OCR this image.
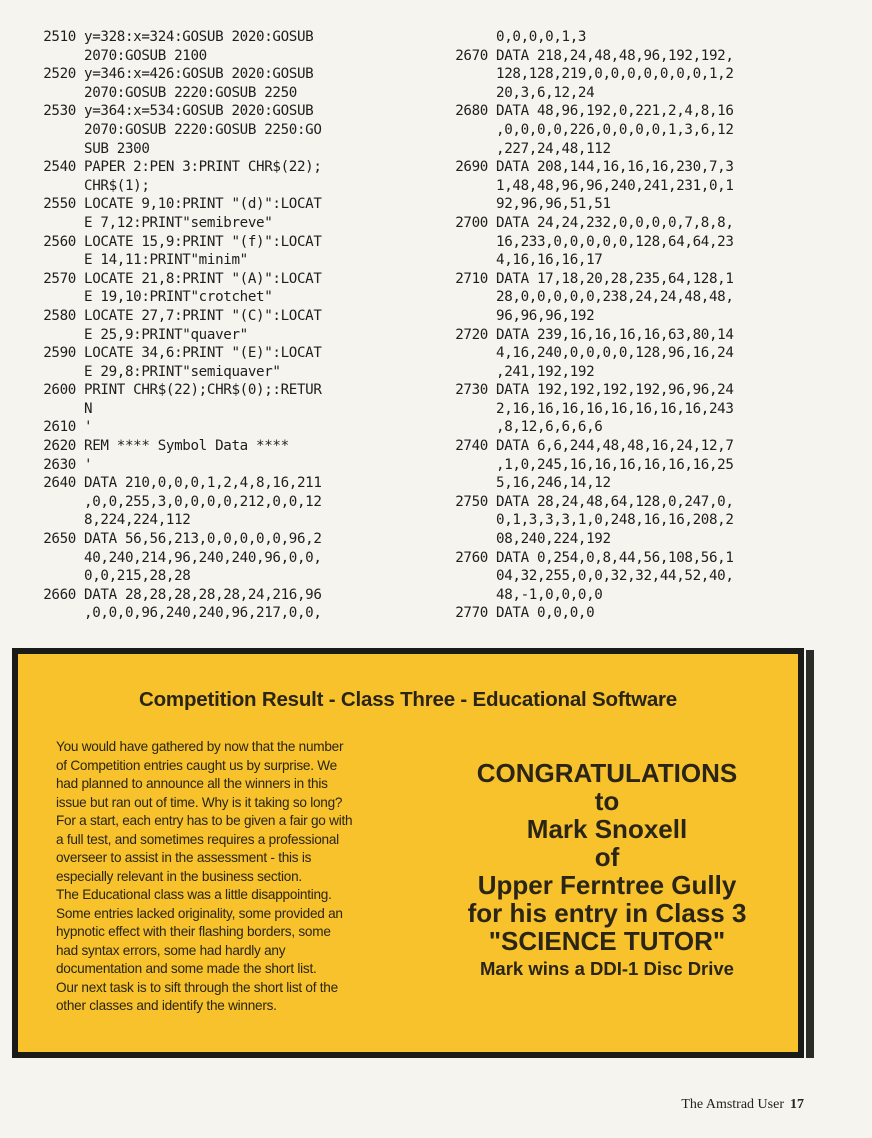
2510 y=328:x=324:GOSUB 2020:GOSUB
2070:GOSUB 2100
2520 y=346:x=426:GOSUB 2020:GOSUB
2070:GOSUB 2220:GOSUB 2250
2530 y=364:x=534:GOSUB 2020:GOSUB
2070:GOSUB 2220:GOSUB 2250:GO
SUB 2300
2540 PAPER 2:PEN 3:PRINT CHR$(22);
CHR$(1);
2550 LOCATE 9,10:PRINT "(d)":LOCAT
E 7,12:PRINT"semibreve"
2560 LOCATE 15,9:PRINT "(f)":LOCAT
E 14,11:PRINT"minim"
2570 LOCATE 21,8:PRINT "(A)":LOCAT
E 19,10:PRINT"crotchet"
2580 LOCATE 27,7:PRINT "(C)":LOCAT
E 25,9:PRINT"quaver"
2590 LOCATE 34,6:PRINT "(E)":LOCAT
E 29,8:PRINT"semiquaver"
2600 PRINT CHR$(22);CHR$(0);:RETUR
N
2610 '
2620 REM **** Symbol Data ****
2630 '
2640 DATA 210,0,0,0,1,2,4,8,16,211
,0,0,255,3,0,0,0,0,212,0,0,12
8,224,224,112
2650 DATA 56,56,213,0,0,0,0,0,96,2
40,240,214,96,240,240,96,0,0,
0,0,215,28,28
2660 DATA 28,28,28,28,28,24,216,96
,0,0,0,96,240,240,96,217,0,0,
0,0,0,0,1,3
2670 DATA 218,24,48,48,96,192,192,
128,128,219,0,0,0,0,0,0,0,1,2
20,3,6,12,24
2680 DATA 48,96,192,0,221,2,4,8,16
,0,0,0,0,226,0,0,0,0,1,3,6,12
,227,24,48,112
2690 DATA 208,144,16,16,16,230,7,3
1,48,48,96,96,240,241,231,0,1
92,96,96,51,51
2700 DATA 24,24,232,0,0,0,0,7,8,8,
16,233,0,0,0,0,0,128,64,64,23
4,16,16,16,17
2710 DATA 17,18,20,28,235,64,128,1
28,0,0,0,0,0,238,24,24,48,48,
96,96,96,192
2720 DATA 239,16,16,16,16,63,80,14
4,16,240,0,0,0,0,128,96,16,24
,241,192,192
2730 DATA 192,192,192,192,96,96,24
2,16,16,16,16,16,16,16,16,243
,8,12,6,6,6,6
2740 DATA 6,6,244,48,48,16,24,12,7
,1,0,245,16,16,16,16,16,16,25
5,16,246,14,12
2750 DATA 28,24,48,64,128,0,247,0,
0,1,3,3,3,1,0,248,16,16,208,2
08,240,224,192
2760 DATA 0,254,0,8,44,56,108,56,1
04,32,255,0,0,32,32,44,52,40,
48,-1,0,0,0,0
2770 DATA 0,0,0,0
Competition Result - Class Three - Educational Software
You would have gathered by now that the number
of Competition entries caught us by surprise. We
had planned to announce all the winners in this
issue but ran out of time. Why is it taking so long?
For a start, each entry has to be given a fair go with
a full test, and sometimes requires a professional
overseer to assist in the assessment - this is
especially relevant in the business section.
The Educational class was a little disappointing.
Some entries lacked originality, some provided an
hypnotic effect with their flashing borders, some
had syntax errors, some had hardly any
documentation and some made the short list.
Our next task is to sift through the short list of the
other classes and identify the winners.
CONGRATULATIONS
to
Mark Snoxell
of
Upper Ferntree Gully
for his entry in Class 3
"SCIENCE TUTOR"
Mark wins a DDI-1 Disc Drive
The Amstrad User 17
